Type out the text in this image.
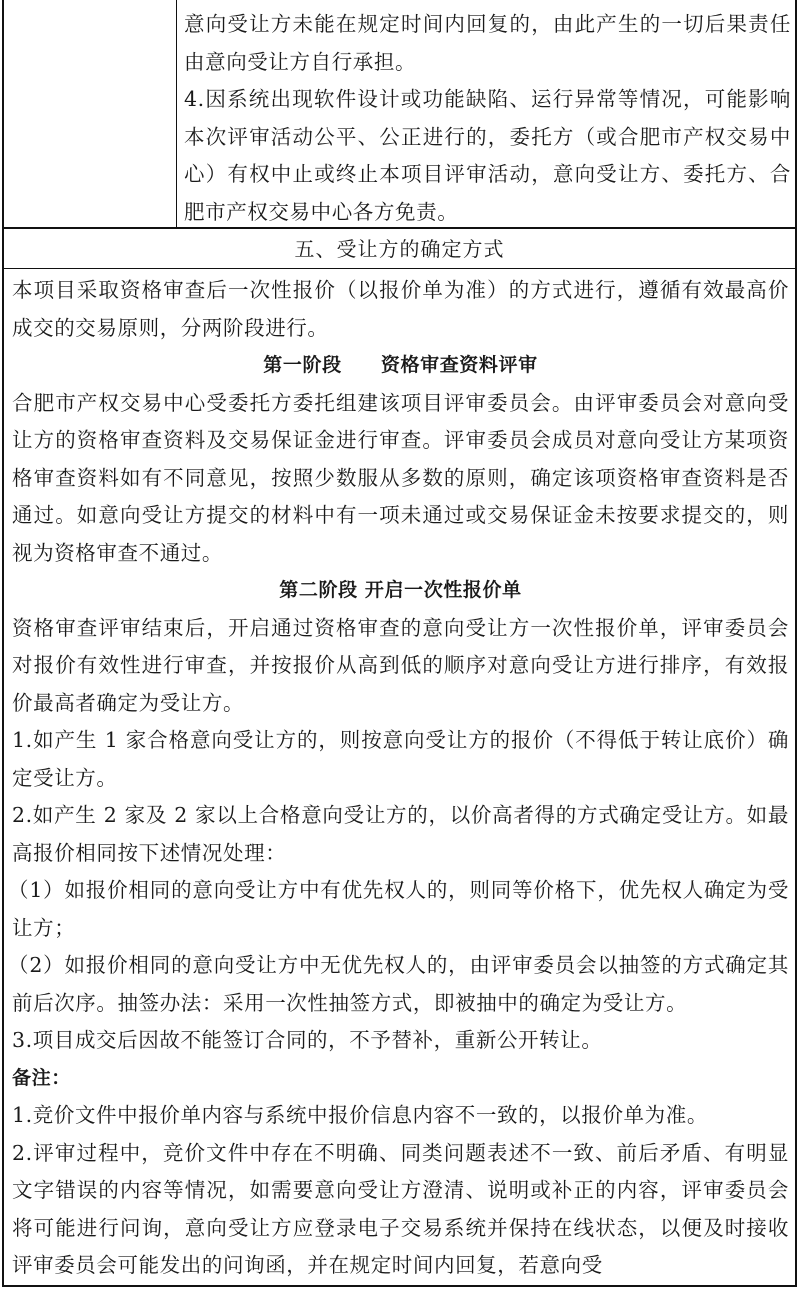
意向受让方未能在规定时间内回复的，由此产生的一切后果责任由意向受让方自行承担。

4.因系统出现软件设计或功能缺陷、运行异常等情况，可能影响本次评审活动公平、公正进行的，委托方（或合肥市产权交易中心）有权中止或终止本项目评审活动，意向受让方、委托方、合肥市产权交易中心各方免责。

五、受让方的确定方式

本项目采取资格审查后一次性报价（以报价单为准）的方式进行，遵循有效最高价成交的交易原则，分两阶段进行。

第一阶段　　资格审查资料评审

合肥市产权交易中心受委托方委托组建该项目评审委员会。由评审委员会对意向受让方的资格审查资料及交易保证金进行审查。评审委员会成员对意向受让方某项资格审查资料如有不同意见，按照少数服从多数的原则，确定该项资格审查资料是否通过。如意向受让方提交的材料中有一项未通过或交易保证金未按要求提交的，则视为资格审查不通过。

第二阶段 开启一次性报价单

资格审查评审结束后，开启通过资格审查的意向受让方一次性报价单，评审委员会对报价有效性进行审查，并按报价从高到低的顺序对意向受让方进行排序，有效报价最高者确定为受让方。

1.如产生 1 家合格意向受让方的，则按意向受让方的报价（不得低于转让底价）确定受让方。

2.如产生 2 家及 2 家以上合格意向受让方的，以价高者得的方式确定受让方。如最高报价相同按下述情况处理：

（1）如报价相同的意向受让方中有优先权人的，则同等价格下，优先权人确定为受让方；

（2）如报价相同的意向受让方中无优先权人的，由评审委员会以抽签的方式确定其前后次序。抽签办法：采用一次性抽签方式，即被抽中的确定为受让方。

3.项目成交后因故不能签订合同的，不予替补，重新公开转让。

备注：

1.竞价文件中报价单内容与系统中报价信息内容不一致的，以报价单为准。

2.评审过程中，竞价文件中存在不明确、同类问题表述不一致、前后矛盾、有明显文字错误的内容等情况，如需要意向受让方澄清、说明或补正的内容，评审委员会将可能进行问询，意向受让方应登录电子交易系统并保持在线状态，以便及时接收评审委员会可能发出的问询函，并在规定时间内回复，若意向受
